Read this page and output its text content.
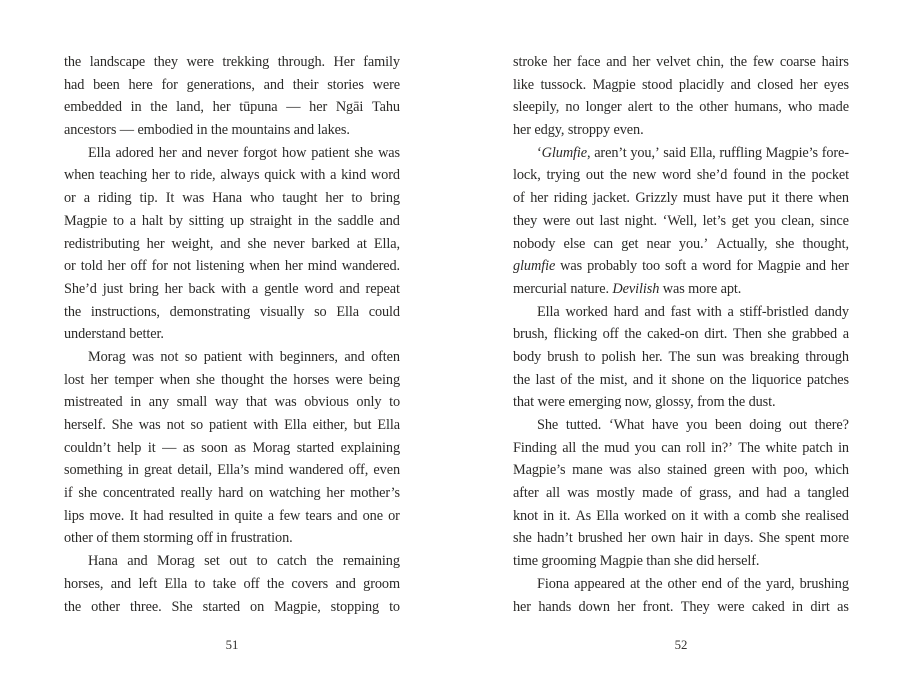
the landscape they were trekking through. Her family
had been here for generations, and their stories were
embedded in the land, her tūpuna — her Ngāi Tahu
ancestors — embodied in the mountains and lakes.
Ella adored her and never forgot how patient she was
when teaching her to ride, always quick with a kind word
or a riding tip. It was Hana who taught her to bring
Magpie to a halt by sitting up straight in the saddle and
redistributing her weight, and she never barked at Ella,
or told her off for not listening when her mind wandered.
She’d just bring her back with a gentle word and repeat
the instructions, demonstrating visually so Ella could
understand better.
Morag was not so patient with beginners, and often
lost her temper when she thought the horses were being
mistreated in any small way that was obvious only to
herself. She was not so patient with Ella either, but Ella
couldn’t help it — as soon as Morag started explaining
something in great detail, Ella’s mind wandered off, even
if she concentrated really hard on watching her mother’s
lips move. It had resulted in quite a few tears and one or
other of them storming off in frustration.
Hana and Morag set out to catch the remaining
horses, and left Ella to take off the covers and groom
the other three. She started on Magpie, stopping to
stroke her face and her velvet chin, the few coarse hairs
like tussock. Magpie stood placidly and closed her eyes
sleepily, no longer alert to the other humans, who made
her edgy, stroppy even.
‘Glumfie, aren’t you,’ said Ella, ruffling Magpie’s fore-
lock, trying out the new word she’d found in the pocket
of her riding jacket. Grizzly must have put it there when
they were out last night. ‘Well, let’s get you clean, since
nobody else can get near you.’ Actually, she thought,
glumfie was probably too soft a word for Magpie and her
mercurial nature. Devilish was more apt.
Ella worked hard and fast with a stiff-bristled dandy
brush, flicking off the caked-on dirt. Then she grabbed a
body brush to polish her. The sun was breaking through
the last of the mist, and it shone on the liquorice patches
that were emerging now, glossy, from the dust.
She tutted. ‘What have you been doing out there?
Finding all the mud you can roll in?’ The white patch in
Magpie’s mane was also stained green with poo, which
after all was mostly made of grass, and had a tangled
knot in it. As Ella worked on it with a comb she realised
she hadn’t brushed her own hair in days. She spent more
time grooming Magpie than she did herself.
Fiona appeared at the other end of the yard, brushing
her hands down her front. They were caked in dirt as
51	52
